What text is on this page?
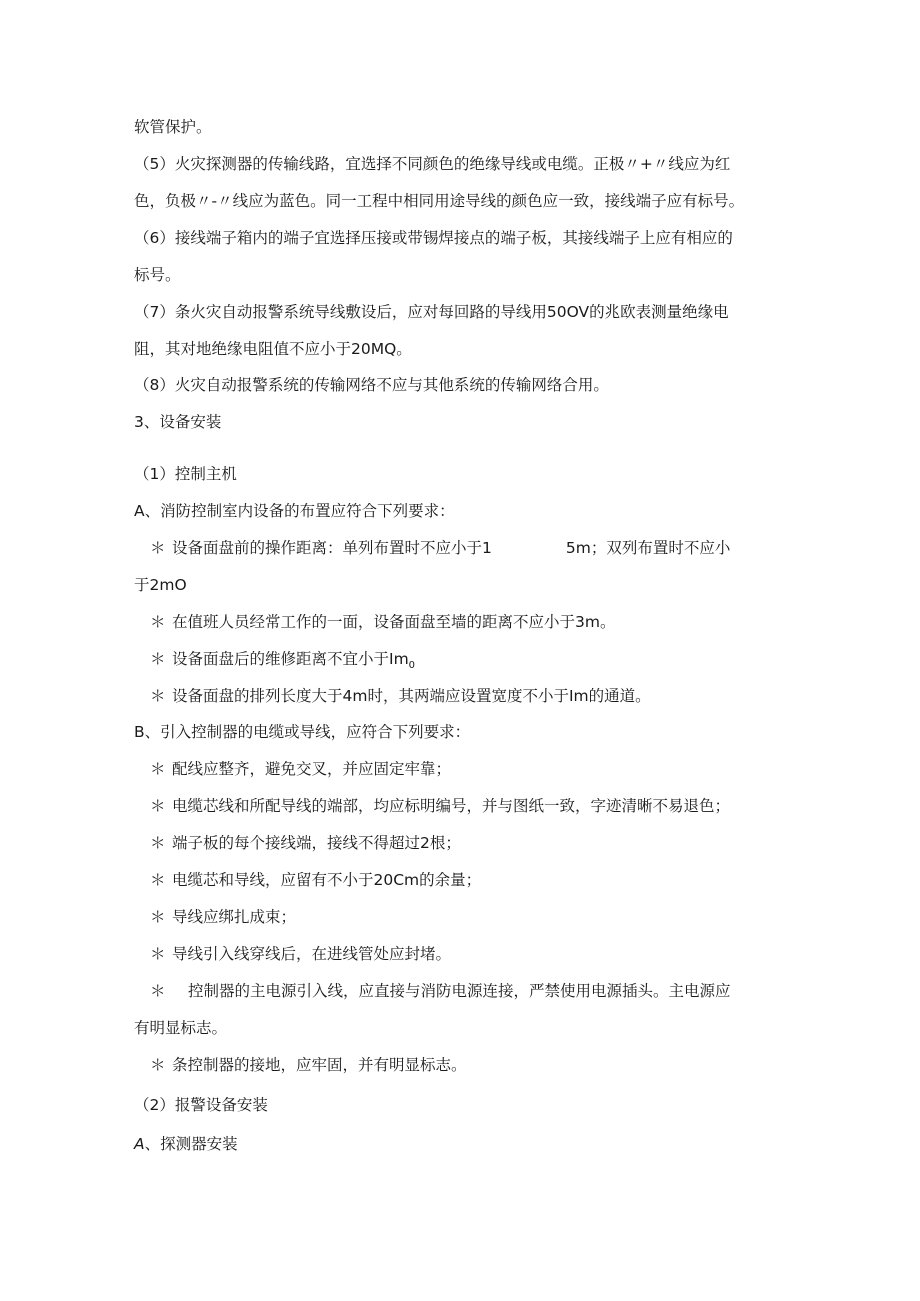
软管保护。
（5）火灾探测器的传输线路，宜选择不同颜色的绝缘导线或电缆。正极〃+〃线应为红
色，负极〃-〃线应为蓝色。同一工程中相同用途导线的颜色应一致，接线端子应有标号。
（6）接线端子箱内的端子宜选择压接或带锡焊接点的端子板，其接线端子上应有相应的
标号。
（7）条火灾自动报警系统导线敷设后，应对每回路的导线用50OV的兆欧表测量绝缘电
阻，其对地绝缘电阻值不应小于20MQ。
（8）火灾自动报警系统的传输网络不应与其他系统的传输网络合用。
3、设备安装
（1）控制主机
A、消防控制室内设备的布置应符合下列要求：
＊ 设备面盘前的操作距离：单列布置时不应小于1	5m；双列布置时不应小
于2mO
＊ 在值班人员经常工作的一面，设备面盘至墙的距离不应小于3m。
＊ 设备面盘后的维修距离不宜小于$Im_0$
＊ 设备面盘的排列长度大于4m时，其两端应设置宽度不小于Im的通道。
B、引入控制器的电缆或导线，应符合下列要求：
＊ 配线应整齐，避免交叉，并应固定牢靠；
＊ 电缆芯线和所配导线的端部，均应标明编号，并与图纸一致，字迹清晰不易退色；
＊ 端子板的每个接线端，接线不得超过2根；
＊ 电缆芯和导线，应留有不小于20Cm的余量；
＊ 导线应绑扎成束；
＊ 导线引入线穿线后，在进线管处应封堵。
＊ 控制器的主电源引入线，应直接与消防电源连接，严禁使用电源插头。主电源应
有明显标志。
＊ 条控制器的接地，应牢固，并有明显标志。
（2）报警设备安装
A、探测器安装
